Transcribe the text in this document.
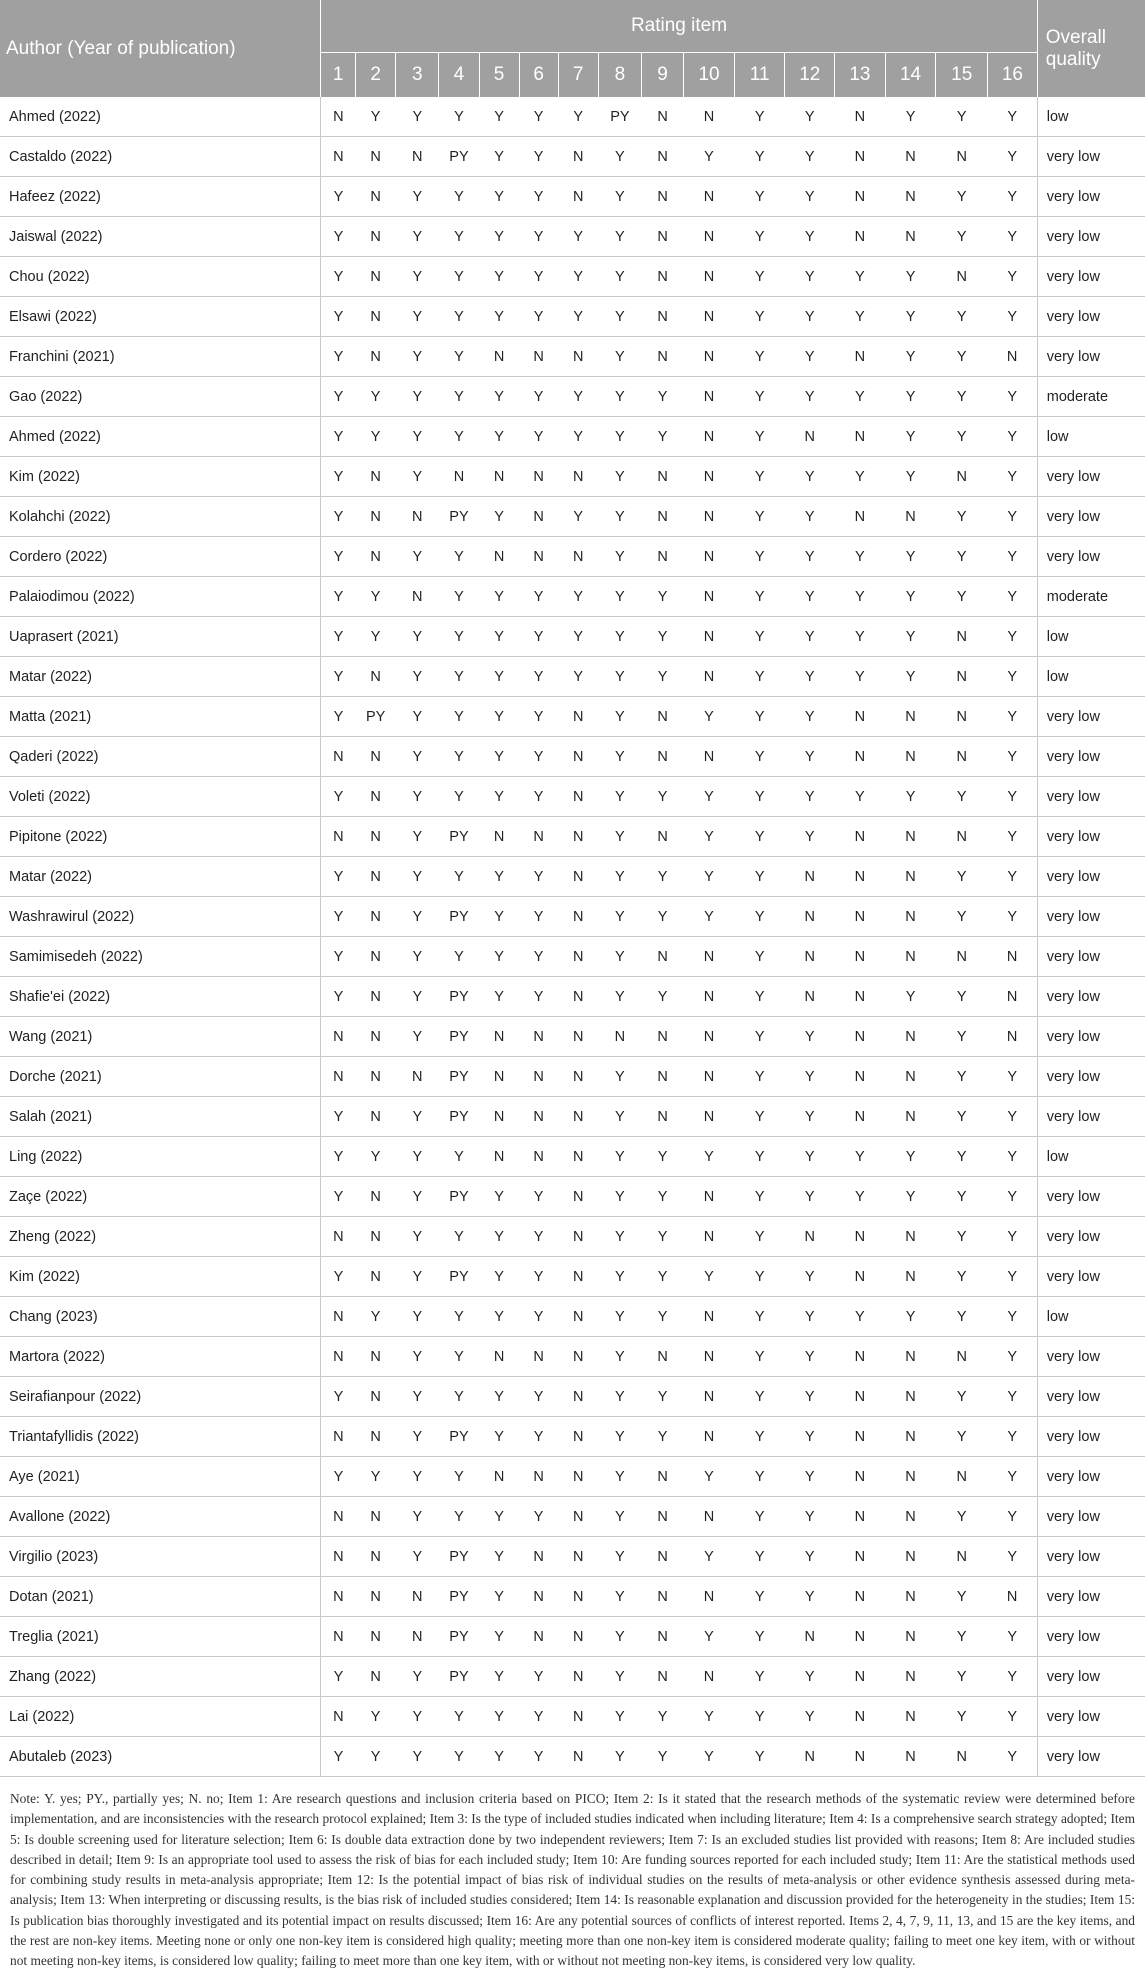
Author (Year of publication)	Rating item																Overall quality
	1	2	3	4	5	6	7	8	9	10	11	12	13	14	15	16	
Ahmed (2022)	N	Y	Y	Y	Y	Y	Y	PY	N	N	Y	Y	N	Y	Y	Y	low
Castaldo (2022)	N	N	N	PY	Y	Y	N	Y	N	Y	Y	Y	N	N	N	Y	very low
Hafeez (2022)	Y	N	Y	Y	Y	Y	N	Y	N	N	Y	Y	N	N	Y	Y	very low
Jaiswal (2022)	Y	N	Y	Y	Y	Y	Y	Y	N	N	Y	Y	N	N	Y	Y	very low
Chou (2022)	Y	N	Y	Y	Y	Y	Y	Y	N	N	Y	Y	Y	Y	N	Y	very low
Elsawi (2022)	Y	N	Y	Y	Y	Y	Y	Y	N	N	Y	Y	Y	Y	Y	Y	very low
Franchini (2021)	Y	N	Y	Y	N	N	N	Y	N	N	Y	Y	N	Y	Y	N	very low
Gao (2022)	Y	Y	Y	Y	Y	Y	Y	Y	Y	N	Y	Y	Y	Y	Y	Y	moderate
Ahmed (2022)	Y	Y	Y	Y	Y	Y	Y	Y	Y	N	Y	N	N	Y	Y	Y	low
Kim (2022)	Y	N	Y	N	N	N	N	Y	N	N	Y	Y	Y	Y	N	Y	very low
Kolahchi (2022)	Y	N	N	PY	Y	N	Y	Y	N	N	Y	Y	N	N	Y	Y	very low
Cordero (2022)	Y	N	Y	Y	N	N	N	Y	N	N	Y	Y	Y	Y	Y	Y	very low
Palaiodimou (2022)	Y	Y	N	Y	Y	Y	Y	Y	Y	N	Y	Y	Y	Y	Y	Y	moderate
Uaprasert (2021)	Y	Y	Y	Y	Y	Y	Y	Y	Y	N	Y	Y	Y	Y	N	Y	low
Matar (2022)	Y	N	Y	Y	Y	Y	Y	Y	Y	N	Y	Y	Y	Y	N	Y	low
Matta (2021)	Y	PY	Y	Y	Y	Y	N	Y	N	Y	Y	Y	N	N	N	Y	very low
Qaderi (2022)	N	N	Y	Y	Y	Y	N	Y	N	N	Y	Y	N	N	N	Y	very low
Voleti (2022)	Y	N	Y	Y	Y	Y	N	Y	Y	Y	Y	Y	Y	Y	Y	Y	very low
Pipitone (2022)	N	N	Y	PY	N	N	N	Y	N	Y	Y	Y	N	N	N	Y	very low
Matar (2022)	Y	N	Y	Y	Y	Y	N	Y	Y	Y	Y	N	N	N	Y	Y	very low
Washrawirul (2022)	Y	N	Y	PY	Y	Y	N	Y	Y	Y	Y	N	N	N	Y	Y	very low
Samimisedeh (2022)	Y	N	Y	Y	Y	Y	N	Y	N	N	Y	N	N	N	N	N	very low
Shafie'ei (2022)	Y	N	Y	PY	Y	Y	N	Y	Y	N	Y	N	N	Y	Y	N	very low
Wang (2021)	N	N	Y	PY	N	N	N	N	N	N	Y	Y	N	N	Y	N	very low
Dorche (2021)	N	N	N	PY	N	N	N	Y	N	N	Y	Y	N	N	Y	Y	very low
Salah (2021)	Y	N	Y	PY	N	N	N	Y	N	N	Y	Y	N	N	Y	Y	very low
Ling (2022)	Y	Y	Y	Y	N	N	N	Y	Y	Y	Y	Y	Y	Y	Y	Y	low
Zaçe (2022)	Y	N	Y	PY	Y	Y	N	Y	Y	N	Y	Y	Y	Y	Y	Y	very low
Zheng (2022)	N	N	Y	Y	Y	Y	N	Y	Y	N	Y	N	N	N	Y	Y	very low
Kim (2022)	Y	N	Y	PY	Y	Y	N	Y	Y	Y	Y	Y	N	N	Y	Y	very low
Chang (2023)	N	Y	Y	Y	Y	Y	N	Y	Y	N	Y	Y	Y	Y	Y	Y	low
Martora (2022)	N	N	Y	Y	N	N	N	Y	N	N	Y	Y	N	N	N	Y	very low
Seirafianpour (2022)	Y	N	Y	Y	Y	Y	N	Y	Y	N	Y	Y	N	N	Y	Y	very low
Triantafyllidis (2022)	N	N	Y	PY	Y	Y	N	Y	Y	N	Y	Y	N	N	Y	Y	very low
Aye (2021)	Y	Y	Y	Y	N	N	N	Y	N	Y	Y	Y	N	N	N	Y	very low
Avallone (2022)	N	N	Y	Y	Y	Y	N	Y	N	N	Y	Y	N	N	Y	Y	very low
Virgilio (2023)	N	N	Y	PY	Y	N	N	Y	N	Y	Y	Y	N	N	N	Y	very low
Dotan (2021)	N	N	N	PY	Y	N	N	Y	N	N	Y	Y	N	N	Y	N	very low
Treglia (2021)	N	N	N	PY	Y	N	N	Y	N	Y	Y	N	N	N	Y	Y	very low
Zhang (2022)	Y	N	Y	PY	Y	Y	N	Y	N	N	Y	Y	N	N	Y	Y	very low
Lai (2022)	N	Y	Y	Y	Y	Y	N	Y	Y	Y	Y	Y	N	N	Y	Y	very low
Abutaleb (2023)	Y	Y	Y	Y	Y	Y	N	Y	Y	Y	Y	N	N	N	N	Y	very low
Note: Y. yes; PY., partially yes; N. no; Item 1: Are research questions and inclusion criteria based on PICO; Item 2: Is it stated that the research methods of the systematic review were determined before implementation, and are inconsistencies with the research protocol explained; Item 3: Is the type of included studies indicated when including literature; Item 4: Is a comprehensive search strategy adopted; Item 5: Is double screening used for literature selection; Item 6: Is double data extraction done by two independent reviewers; Item 7: Is an excluded studies list provided with reasons; Item 8: Are included studies described in detail; Item 9: Is an appropriate tool used to assess the risk of bias for each included study; Item 10: Are funding sources reported for each included study; Item 11: Are the statistical methods used for combining study results in meta-analysis appropriate; Item 12: Is the potential impact of bias risk of individual studies on the results of meta-analysis or other evidence synthesis assessed during meta-analysis; Item 13: When interpreting or discussing results, is the bias risk of included studies considered; Item 14: Is reasonable explanation and discussion provided for the heterogeneity in the studies; Item 15: Is publication bias thoroughly investigated and its potential impact on results discussed; Item 16: Are any potential sources of conflicts of interest reported. Items 2, 4, 7, 9, 11, 13, and 15 are the key items, and the rest are non-key items. Meeting none or only one non-key item is considered high quality; meeting more than one non-key item is considered moderate quality; failing to meet one key item, with or without not meeting non-key items, is considered low quality; failing to meet more than one key item, with or without not meeting non-key items, is considered very low quality.
